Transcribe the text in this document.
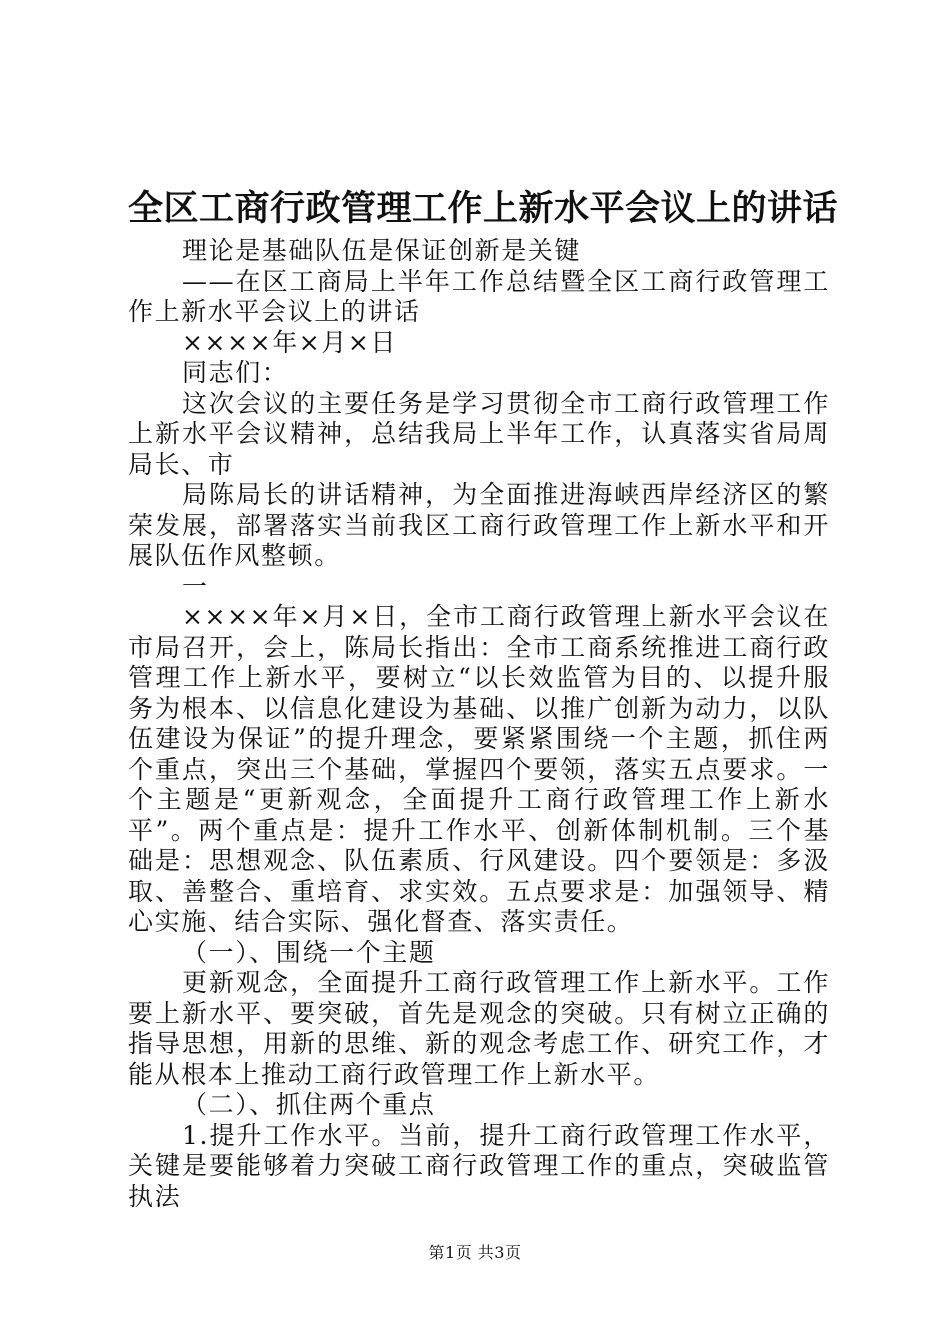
全区工商行政管理工作上新水平会议上的讲话

理论是基础队伍是保证创新是关键

——在区工商局上半年工作总结暨全区工商行政管理工作上新水平会议上的讲话

××××年×月×日

同志们：

这次会议的主要任务是学习贯彻全市工商行政管理工作上新水平会议精神，总结我局上半年工作，认真落实省局周局长、市

局陈局长的讲话精神，为全面推进海峡西岸经济区的繁荣发展，部署落实当前我区工商行政管理工作上新水平和开展队伍作风整顿。

一

××××年×月×日，全市工商行政管理上新水平会议在市局召开，会上，陈局长指出：全市工商系统推进工商行政管理工作上新水平，要树立“以长效监管为目的、以提升服务为根本、以信息化建设为基础、以推广创新为动力，以队伍建设为保证”的提升理念，要紧紧围绕一个主题，抓住两个重点，突出三个基础，掌握四个要领，落实五点要求。一个主题是“更新观念，全面提升工商行政管理工作上新水平”。两个重点是：提升工作水平、创新体制机制。三个基础是：思想观念、队伍素质、行风建设。四个要领是：多汲取、善整合、重培育、求实效。五点要求是：加强领导、精心实施、结合实际、强化督查、落实责任。

（一）、围绕一个主题

更新观念，全面提升工商行政管理工作上新水平。工作要上新水平、要突破，首先是观念的突破。只有树立正确的指导思想，用新的思维、新的观念考虑工作、研究工作，才能从根本上推动工商行政管理工作上新水平。

（二）、抓住两个重点

1.提升工作水平。当前，提升工商行政管理工作水平，关键是要能够着力突破工商行政管理工作的重点，突破监管执法

第1页 共3页
